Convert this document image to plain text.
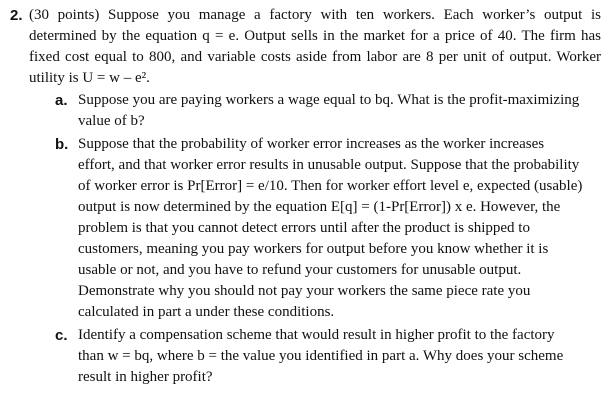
2. (30 points) Suppose you manage a factory with ten workers. Each worker’s output is determined by the equation q = e. Output sells in the market for a price of 40. The firm has fixed cost equal to 800, and variable costs aside from labor are 8 per unit of output. Worker utility is U = w – e².
a. Suppose you are paying workers a wage equal to bq. What is the profit-maximizing value of b?
b. Suppose that the probability of worker error increases as the worker increases effort, and that worker error results in unusable output. Suppose that the probability of worker error is Pr[Error] = e/10. Then for worker effort level e, expected (usable) output is now determined by the equation E[q] = (1-Pr[Error]) x e. However, the problem is that you cannot detect errors until after the product is shipped to customers, meaning you pay workers for output before you know whether it is usable or not, and you have to refund your customers for unusable output. Demonstrate why you should not pay your workers the same piece rate you calculated in part a under these conditions.
c. Identify a compensation scheme that would result in higher profit to the factory than w = bq, where b = the value you identified in part a. Why does your scheme result in higher profit?
